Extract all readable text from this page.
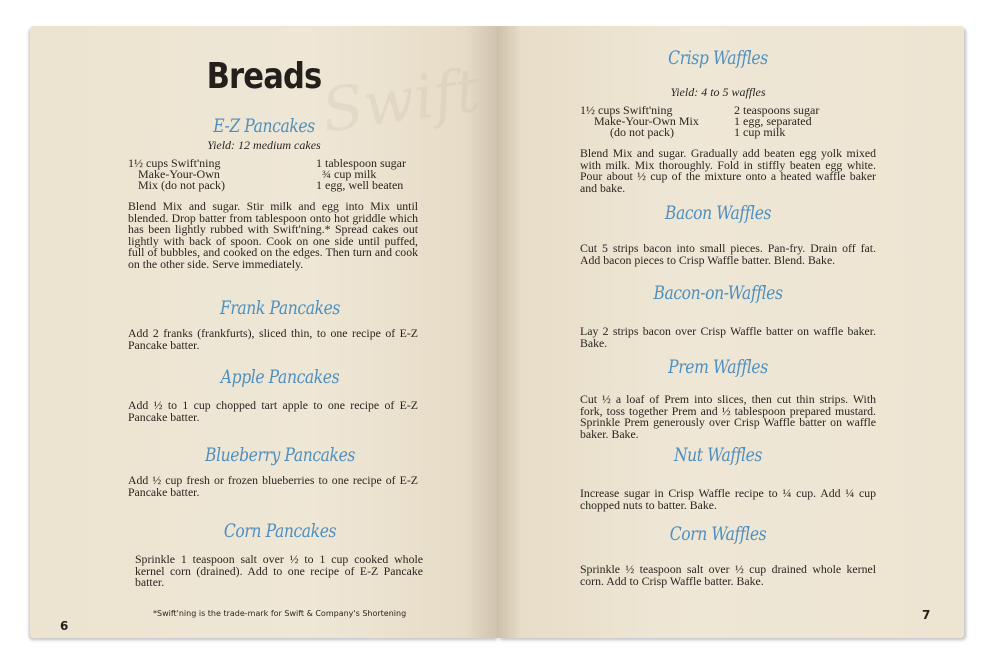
Swift
Breads
E-Z Pancakes
Yield: 12 medium cakes
1½ cups Swift'ning
Make-Your-Own
Mix (do not pack)
1 tablespoon sugar
¾ cup milk
1 egg, well beaten

Blend Mix and sugar. Stir milk and egg into Mix until blended. Drop batter from tablespoon onto hot griddle which has been lightly rubbed with Swift'ning.* Spread cakes out lightly with back of spoon. Cook on one side until puffed, full of bubbles, and cooked on the edges. Then turn and cook on the other side. Serve immediately.

Frank Pancakes

Add 2 franks (frankfurts), sliced thin, to one recipe of E-Z Pancake batter.

Apple Pancakes

Add ½ to 1 cup chopped tart apple to one recipe of E-Z Pancake batter.

Blueberry Pancakes

Add ½ cup fresh or frozen blueberries to one recipe of E-Z Pancake batter.

Corn Pancakes

Sprinkle 1 teaspoon salt over ½ to 1 cup cooked whole kernel corn (drained). Add to one recipe of E-Z Pancake batter.

*Swift'ning is the trade-mark for Swift & Company's Shortening
6
Crisp Waffles
Yield: 4 to 5 waffles
1½ cups Swift'ning
Make-Your-Own Mix
(do not pack)
2 teaspoons sugar
1 egg, separated
1 cup milk

Blend Mix and sugar. Gradually add beaten egg yolk mixed with milk. Mix thoroughly. Fold in stiffly beaten egg white. Pour about ½ cup of the mixture onto a heated waffle baker and bake.

Bacon Waffles

Cut 5 strips bacon into small pieces. Pan-fry. Drain off fat. Add bacon pieces to Crisp Waffle batter. Blend. Bake.

Bacon-on-Waffles

Lay 2 strips bacon over Crisp Waffle batter on waffle baker. Bake.

Prem Waffles

Cut ½ a loaf of Prem into slices, then cut thin strips. With fork, toss together Prem and ½ tablespoon prepared mustard. Sprinkle Prem generously over Crisp Waffle batter on waffle baker. Bake.

Nut Waffles

Increase sugar in Crisp Waffle recipe to ¼ cup. Add ¼ cup chopped nuts to batter. Bake.

Corn Waffles

Sprinkle ½ teaspoon salt over ½ cup drained whole kernel corn. Add to Crisp Waffle batter. Bake.

7
